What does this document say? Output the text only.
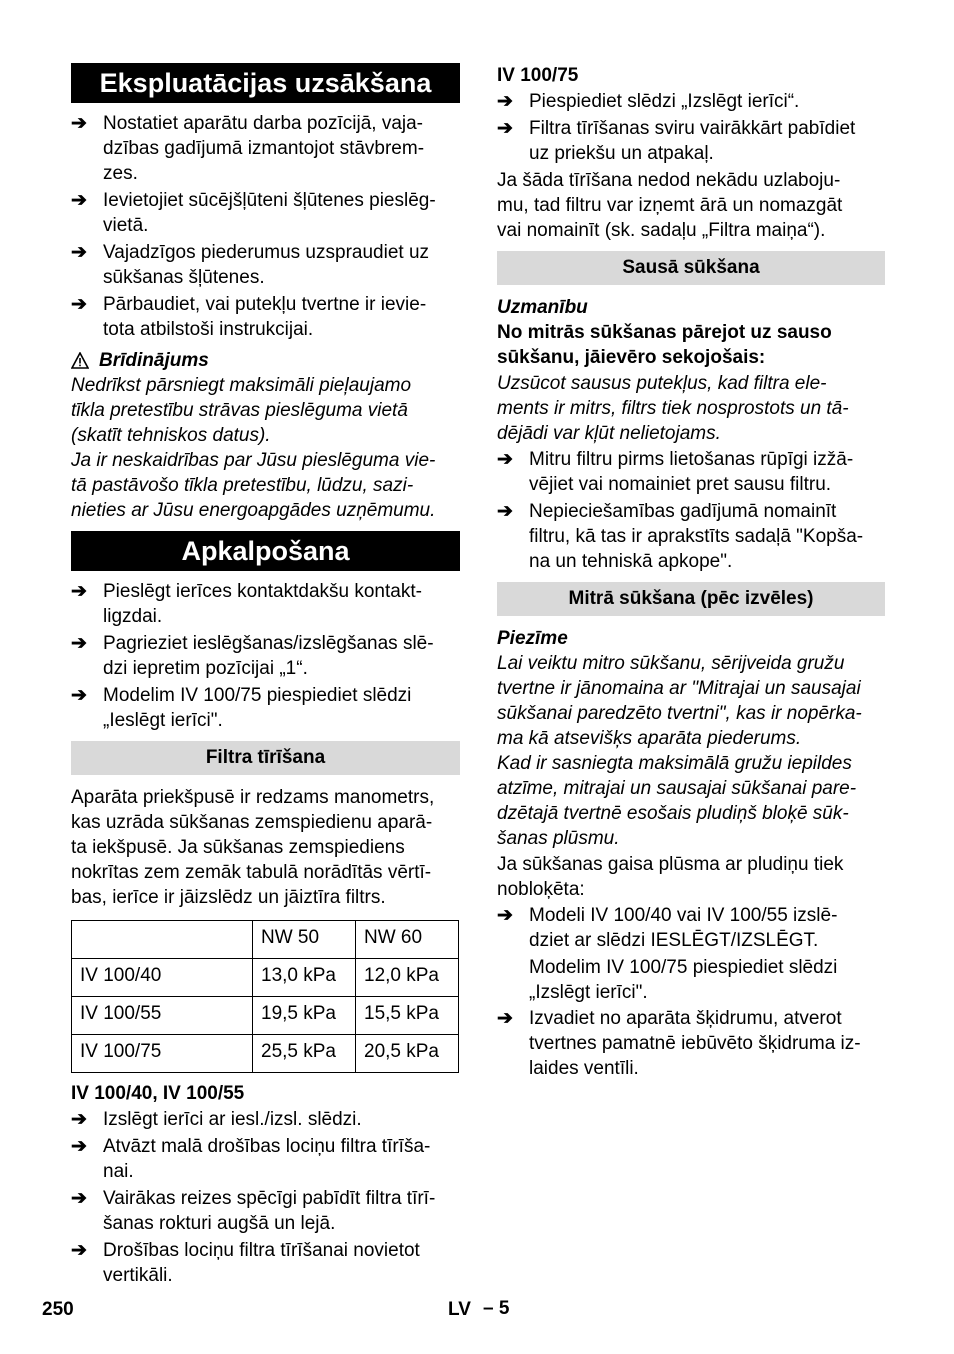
Ekspluatācijas uzsākšana
➔ Nostatiet aparātu darba pozīcijā, vaja-
dzības gadījumā izmantojot stāvbrem-
zes.
➔ Ievietojiet sūcējšļūteni šļūtenes pieslēg-
vietā.
➔ Vajadzīgos piederumus uzspraudiet uz
sūkšanas šļūtenes.
➔ Pārbaudiet, vai putekļu tvertne ir ievie-
tota atbilstoši instrukcijai.
Brīdinājums
Nedrīkst pārsniegt maksimāli pieļaujamo
tīkla pretestību strāvas pieslēguma vietā
(skatīt tehniskos datus).
Ja ir neskaidrības par Jūsu pieslēguma vie-
tā pastāvošo tīkla pretestību, lūdzu, sazi-
nieties ar Jūsu energoapgādes uzņēmumu.
Apkalpošana
➔ Pieslēgt ierīces kontaktdakšu kontakt-
ligzdai.
➔ Pagrieziet ieslēgšanas/izslēgšanas slē-
dzi iepretim pozīcijai „1“.
➔ Modelim IV 100/75 piespiediet slēdzi
„Ieslēgt ierīci".
Filtra tīrīšana
Aparāta priekšpusē ir redzams manometrs,
kas uzrāda sūkšanas zemspiedienu aparā-
ta iekšpusē. Ja sūkšanas zemspiediens
nokrītas zem zemāk tabulā norādītās vērtī-
bas, ierīce ir jāizslēdz un jāiztīra filtrs.
	NW 50	NW 60
IV 100/40	13,0 kPa	12,0 kPa
IV 100/55	19,5 kPa	15,5 kPa
IV 100/75	25,5 kPa	20,5 kPa
IV 100/40, IV 100/55
➔ Izslēgt ierīci ar iesl./izsl. slēdzi.
➔ Atvāzt malā drošības lociņu filtra tīrīša-
nai.
➔ Vairākas reizes spēcīgi pabīdīt filtra tīrī-
šanas rokturi augšā un lejā.
➔ Drošības lociņu filtra tīrīšanai novietot
vertikāli.
IV 100/75
➔ Piespiediet slēdzi „Izslēgt ierīci“.
➔ Filtra tīrīšanas sviru vairākkārt pabīdiet
uz priekšu un atpakaļ.
Ja šāda tīrīšana nedod nekādu uzlaboju-
mu, tad filtru var izņemt ārā un nomazgāt
vai nomainīt (sk. sadaļu „Filtra maiņa“).
Sausā sūkšana
Uzmanību
No mitrās sūkšanas pārejot uz sauso
sūkšanu, jāievēro sekojošais:
Uzsūcot sausus putekļus, kad filtra ele-
ments ir mitrs, filtrs tiek nosprostots un tā-
dējādi var kļūt nelietojams.
➔ Mitru filtru pirms lietošanas rūpīgi izžā-
vējiet vai nomainiet pret sausu filtru.
➔ Nepieciešamības gadījumā nomainīt
filtru, kā tas ir aprakstīts sadaļā "Kopša-
na un tehniskā apkope".
Mitrā sūkšana (pēc izvēles)
Piezīme
Lai veiktu mitro sūkšanu, sērijveida gružu
tvertne ir jānomaina ar "Mitrajai un sausajai
sūkšanai paredzēto tvertni", kas ir nopērka-
ma kā atsevišķs aparāta piederums.
Kad ir sasniegta maksimālā gružu iepildes
atzīme, mitrajai un sausajai sūkšanai pare-
dzētajā tvertnē esošais pludiņš bloķē sūk-
šanas plūsmu.
Ja sūkšanas gaisa plūsma ar pludiņu tiek
nobloķēta:
➔ Modeli IV 100/40 vai IV 100/55 izslē-
dziet ar slēdzi IESLĒGT/IZSLĒGT.
Modelim IV 100/75 piespiediet slēdzi
„Izslēgt ierīci".
➔ Izvadiet no aparāta šķidrumu, atverot
tvertnes pamatnē iebūvēto šķidruma iz-
laides ventīli.
250	LV – 5
